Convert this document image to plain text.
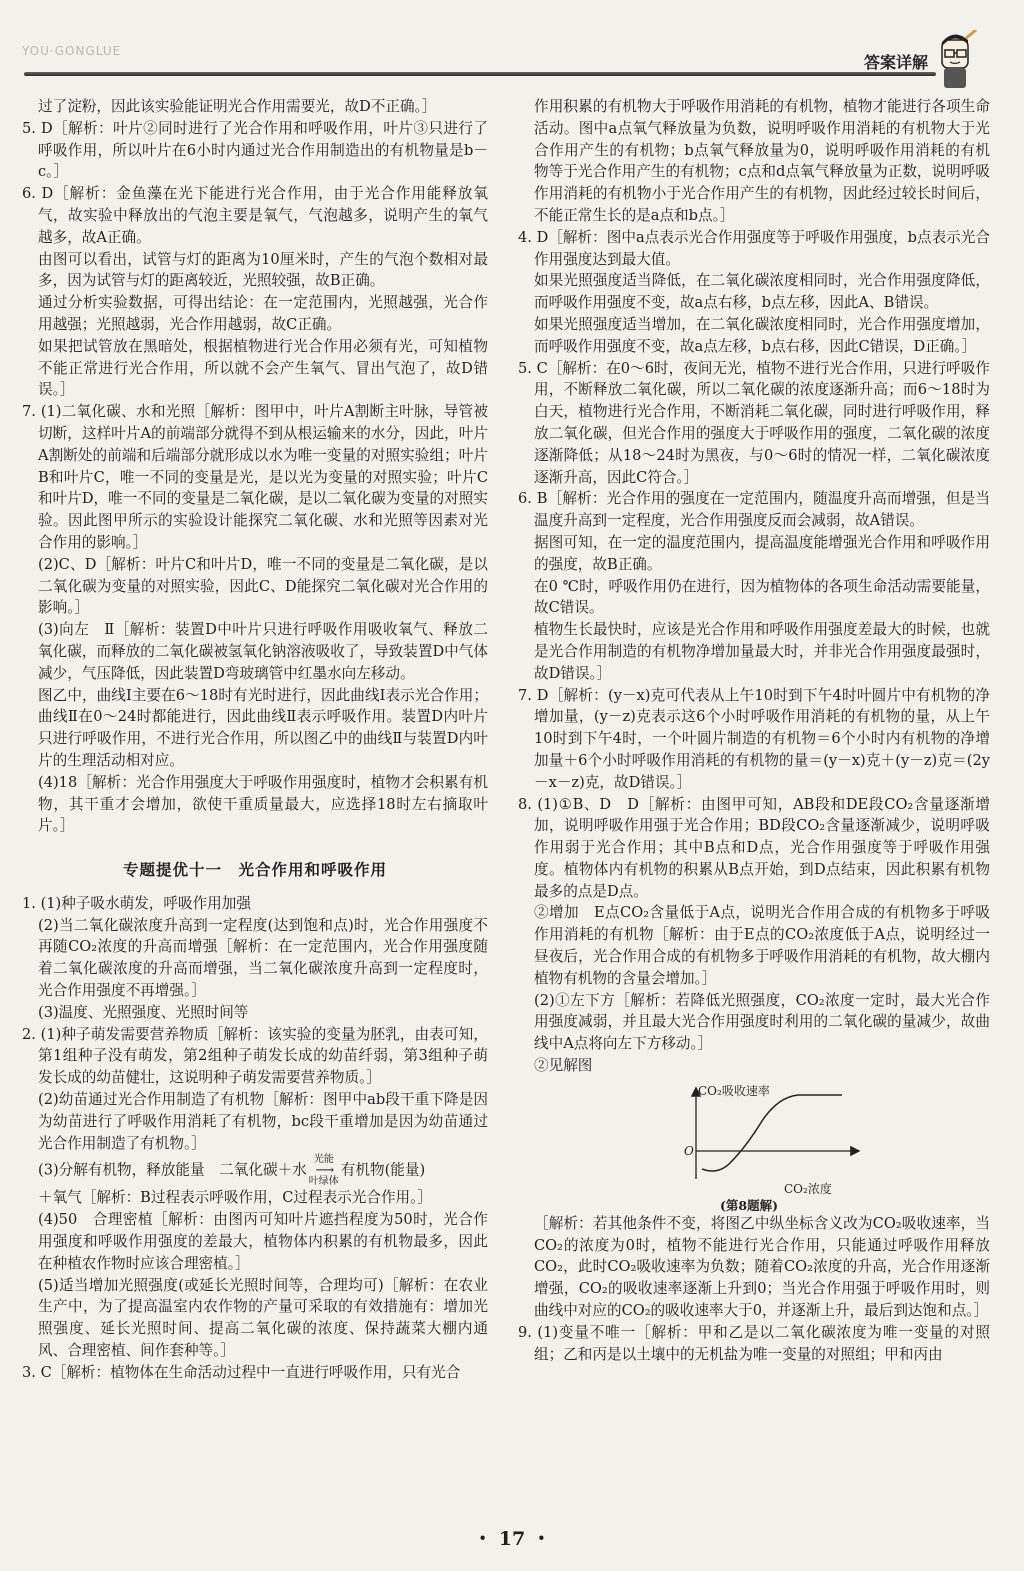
YOU·GONGLUE
答案详解

过了淀粉，因此该实验能证明光合作用需要光，故D不正确。］

5. D［解析：叶片②同时进行了光合作用和呼吸作用，叶片③只进行了呼吸作用，所以叶片在6小时内通过光合作用制造出的有机物量是b－c。］

6. D［解析：金鱼藻在光下能进行光合作用，由于光合作用能释放氧气，故实验中释放出的气泡主要是氧气，气泡越多，说明产生的氧气越多，故A正确。

由图可以看出，试管与灯的距离为10厘米时，产生的气泡个数相对最多，因为试管与灯的距离较近，光照较强，故B正确。

通过分析实验数据，可得出结论：在一定范围内，光照越强，光合作用越强；光照越弱，光合作用越弱，故C正确。

如果把试管放在黑暗处，根据植物进行光合作用必须有光，可知植物不能正常进行光合作用，所以就不会产生氧气、冒出气泡了，故D错误。］

7. (1)二氧化碳、水和光照［解析：图甲中，叶片A割断主叶脉，导管被切断，这样叶片A的前端部分就得不到从根运输来的水分，因此，叶片A割断处的前端和后端部分就形成以水为唯一变量的对照实验组；叶片B和叶片C，唯一不同的变量是光，是以光为变量的对照实验；叶片C和叶片D，唯一不同的变量是二氧化碳，是以二氧化碳为变量的对照实验。因此图甲所示的实验设计能探究二氧化碳、水和光照等因素对光合作用的影响。］

(2)C、D［解析：叶片C和叶片D，唯一不同的变量是二氧化碳，是以二氧化碳为变量的对照实验，因此C、D能探究二氧化碳对光合作用的影响。］

(3)向左　Ⅱ［解析：装置D中叶片只进行呼吸作用吸收氧气、释放二氧化碳，而释放的二氧化碳被氢氧化钠溶液吸收了，导致装置D中气体减少，气压降低，因此装置D弯玻璃管中红墨水向左移动。

图乙中，曲线Ⅰ主要在6～18时有光时进行，因此曲线Ⅰ表示光合作用；曲线Ⅱ在0～24时都能进行，因此曲线Ⅱ表示呼吸作用。装置D内叶片只进行呼吸作用，不进行光合作用，所以图乙中的曲线Ⅱ与装置D内叶片的生理活动相对应。

(4)18［解析：光合作用强度大于呼吸作用强度时，植物才会积累有机物，其干重才会增加，欲使干重质量最大，应选择18时左右摘取叶片。］

专题提优十一　光合作用和呼吸作用

1. (1)种子吸水萌发，呼吸作用加强

(2)当二氧化碳浓度升高到一定程度(达到饱和点)时，光合作用强度不再随CO₂浓度的升高而增强［解析：在一定范围内，光合作用强度随着二氧化碳浓度的升高而增强，当二氧化碳浓度升高到一定程度时，光合作用强度不再增强。］

(3)温度、光照强度、光照时间等

2. (1)种子萌发需要营养物质［解析：该实验的变量为胚乳，由表可知，第1组种子没有萌发，第2组种子萌发长成的幼苗纤弱，第3组种子萌发长成的幼苗健壮，这说明种子萌发需要营养物质。］

(2)幼苗通过光合作用制造了有机物［解析：图甲中ab段干重下降是因为幼苗进行了呼吸作用消耗了有机物，bc段干重增加是因为幼苗通过光合作用制造了有机物。］

(3)分解有机物，释放能量　二氧化碳＋水
光能
⟶
叶绿体
有机物(能量)

＋氧气［解析：B过程表示呼吸作用，C过程表示光合作用。］

(4)50　合理密植［解析：由图丙可知叶片遮挡程度为50时，光合作用强度和呼吸作用强度的差最大，植物体内积累的有机物最多，因此在种植农作物时应该合理密植。］

(5)适当增加光照强度(或延长光照时间等，合理均可)［解析：在农业生产中，为了提高温室内农作物的产量可采取的有效措施有：增加光照强度、延长光照时间、提高二氧化碳的浓度、保持蔬菜大棚内通风、合理密植、间作套种等。］

3. C［解析：植物体在生命活动过程中一直进行呼吸作用，只有光合

作用积累的有机物大于呼吸作用消耗的有机物，植物才能进行各项生命活动。图中a点氧气释放量为负数，说明呼吸作用消耗的有机物大于光合作用产生的有机物；b点氧气释放量为0，说明呼吸作用消耗的有机物等于光合作用产生的有机物；c点和d点氧气释放量为正数，说明呼吸作用消耗的有机物小于光合作用产生的有机物，因此经过较长时间后，不能正常生长的是a点和b点。］

4. D［解析：图中a点表示光合作用强度等于呼吸作用强度，b点表示光合作用强度达到最大值。

如果光照强度适当降低，在二氧化碳浓度相同时，光合作用强度降低，而呼吸作用强度不变，故a点右移，b点左移，因此A、B错误。

如果光照强度适当增加，在二氧化碳浓度相同时，光合作用强度增加，而呼吸作用强度不变，故a点左移，b点右移，因此C错误，D正确。］

5. C［解析：在0～6时，夜间无光，植物不进行光合作用，只进行呼吸作用，不断释放二氧化碳，所以二氧化碳的浓度逐渐升高；而6～18时为白天，植物进行光合作用，不断消耗二氧化碳，同时进行呼吸作用，释放二氧化碳，但光合作用的强度大于呼吸作用的强度，二氧化碳的浓度逐渐降低；从18～24时为黑夜，与0～6时的情况一样，二氧化碳浓度逐渐升高，因此C符合。］

6. B［解析：光合作用的强度在一定范围内，随温度升高而增强，但是当温度升高到一定程度，光合作用强度反而会减弱，故A错误。

据图可知，在一定的温度范围内，提高温度能增强光合作用和呼吸作用的强度，故B正确。

在0 ℃时，呼吸作用仍在进行，因为植物体的各项生命活动需要能量，故C错误。

植物生长最快时，应该是光合作用和呼吸作用强度差最大的时候，也就是光合作用制造的有机物净增加量最大时，并非光合作用强度最强时，故D错误。］

7. D［解析：(y－x)克可代表从上午10时到下午4时叶圆片中有机物的净增加量，(y－z)克表示这6个小时呼吸作用消耗的有机物的量，从上午10时到下午4时，一个叶圆片制造的有机物＝6个小时内有机物的净增加量＋6个小时呼吸作用消耗的有机物的量＝(y－x)克＋(y－z)克＝(2y－x－z)克，故D错误。］

8. (1)①B、D　D［解析：由图甲可知，AB段和DE段CO₂含量逐渐增加，说明呼吸作用强于光合作用；BD段CO₂含量逐渐减少，说明呼吸作用弱于光合作用；其中B点和D点，光合作用强度等于呼吸作用强度。植物体内有机物的积累从B点开始，到D点结束，因此积累有机物最多的点是D点。

②增加　E点CO₂含量低于A点，说明光合作用合成的有机物多于呼吸作用消耗的有机物［解析：由于E点的CO₂浓度低于A点，说明经过一昼夜后，光合作用合成的有机物多于呼吸作用消耗的有机物，故大棚内植物有机物的含量会增加。］

(2)①左下方［解析：若降低光照强度，CO₂浓度一定时，最大光合作用强度减弱，并且最大光合作用强度时利用的二氧化碳的量减少，故曲线中A点将向左下方移动。］

②见解图

CO₂吸收速率
O
CO₂浓度
(第8题解)

［解析：若其他条件不变，将图乙中纵坐标含义改为CO₂吸收速率，当CO₂的浓度为0时，植物不能进行光合作用，只能通过呼吸作用释放CO₂，此时CO₂吸收速率为负数；随着CO₂浓度的升高，光合作用逐渐增强，CO₂的吸收速率逐渐上升到0；当光合作用强于呼吸作用时，则曲线中对应的CO₂的吸收速率大于0，并逐渐上升，最后到达饱和点。］

9. (1)变量不唯一［解析：甲和乙是以二氧化碳浓度为唯一变量的对照组；乙和丙是以土壤中的无机盐为唯一变量的对照组；甲和丙由

・ 17 ・
